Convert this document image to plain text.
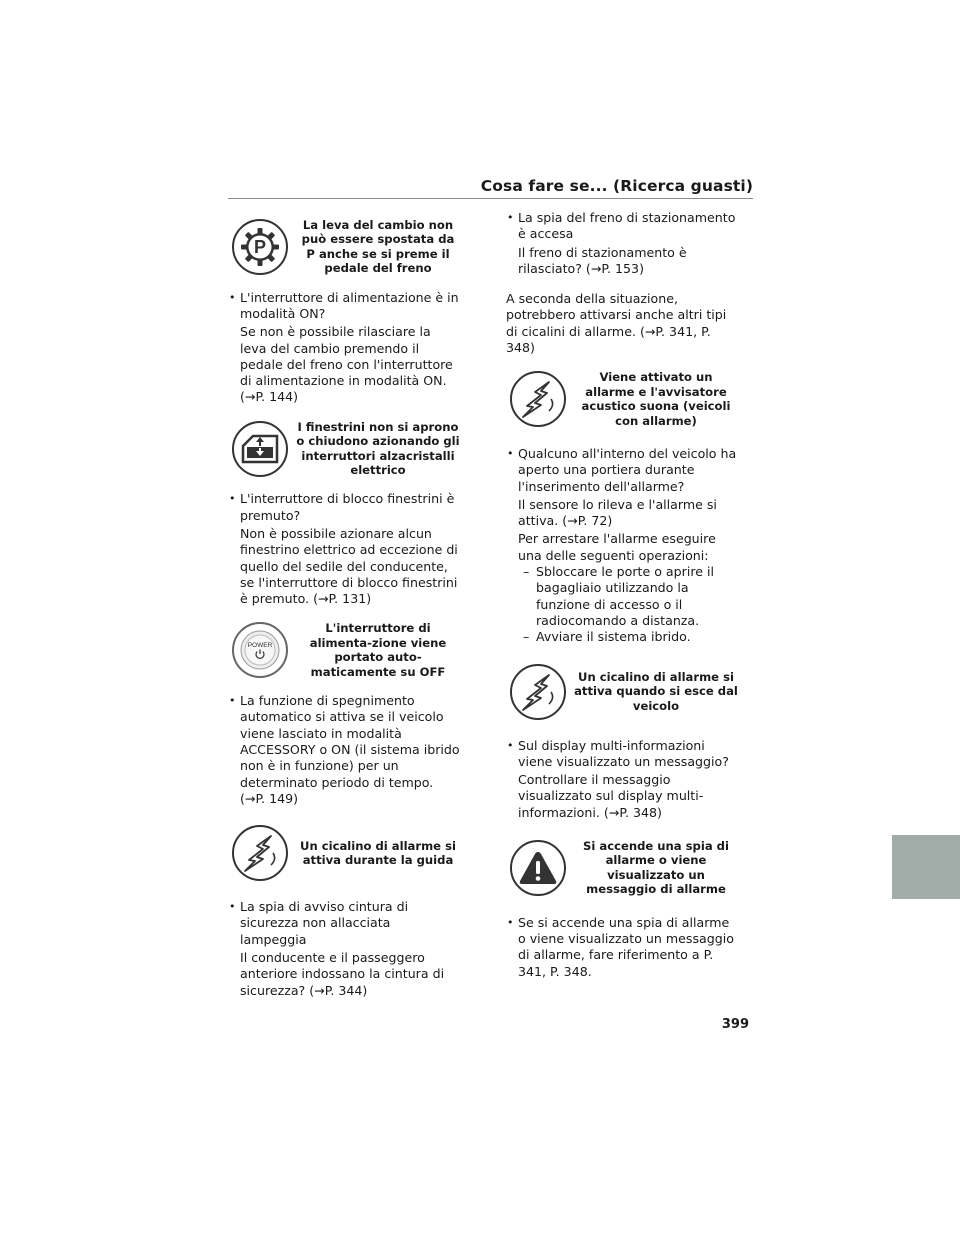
Cosa fare se... (Ricerca guasti)
P
La leva del cambio non può essere spostata da P anche se si preme il pedale del freno

• L'interruttore di alimentazione è in modalità ON?

Se non è possibile rilasciare la leva del cambio premendo il pedale del freno con l'interruttore di alimentazione in modalità ON. (→P. 144)

I finestrini non si aprono o chiudono azionando gli interruttori alzacristalli elettrico

• L'interruttore di blocco finestrini è premuto?

Non è possibile azionare alcun finestrino elettrico ad eccezione di quello del sedile del conducente, se l'interruttore di blocco finestrini è premuto. (→P. 131)

POWER
L'interruttore di alimenta-zione viene portato auto-maticamente su OFF

• La funzione di spegnimento automatico si attiva se il veicolo viene lasciato in modalità ACCESSORY o ON (il sistema ibrido non è in funzione) per un determinato periodo di tempo. (→P. 149)

Un cicalino di allarme si attiva durante la guida

• La spia di avviso cintura di sicurezza non allacciata lampeggia

Il conducente e il passeggero anteriore indossano la cintura di sicurezza? (→P. 344)

• La spia del freno di stazionamento è accesa

Il freno di stazionamento è rilasciato? (→P. 153)

A seconda della situazione, potrebbero attivarsi anche altri tipi di cicalini di allarme. (→P. 341, P. 348)

Viene attivato un allarme e l'avvisatore acustico suona (veicoli con allarme)

• Qualcuno all'interno del veicolo ha aperto una portiera durante l'inserimento dell'allarme?

Il sensore lo rileva e l'allarme si attiva. (→P. 72)

Per arrestare l'allarme eseguire una delle seguenti operazioni:

– Sbloccare le porte o aprire il bagagliaio utilizzando la funzione di accesso o il radiocomando a distanza.

– Avviare il sistema ibrido.

Un cicalino di allarme si attiva quando si esce dal veicolo

• Sul display multi-informazioni viene visualizzato un messaggio?

Controllare il messaggio visualizzato sul display multi-informazioni. (→P. 348)

Si accende una spia di allarme o viene visualizzato un messaggio di allarme

• Se si accende una spia di allarme o viene visualizzato un messaggio di allarme, fare riferimento a P. 341, P. 348.

399
